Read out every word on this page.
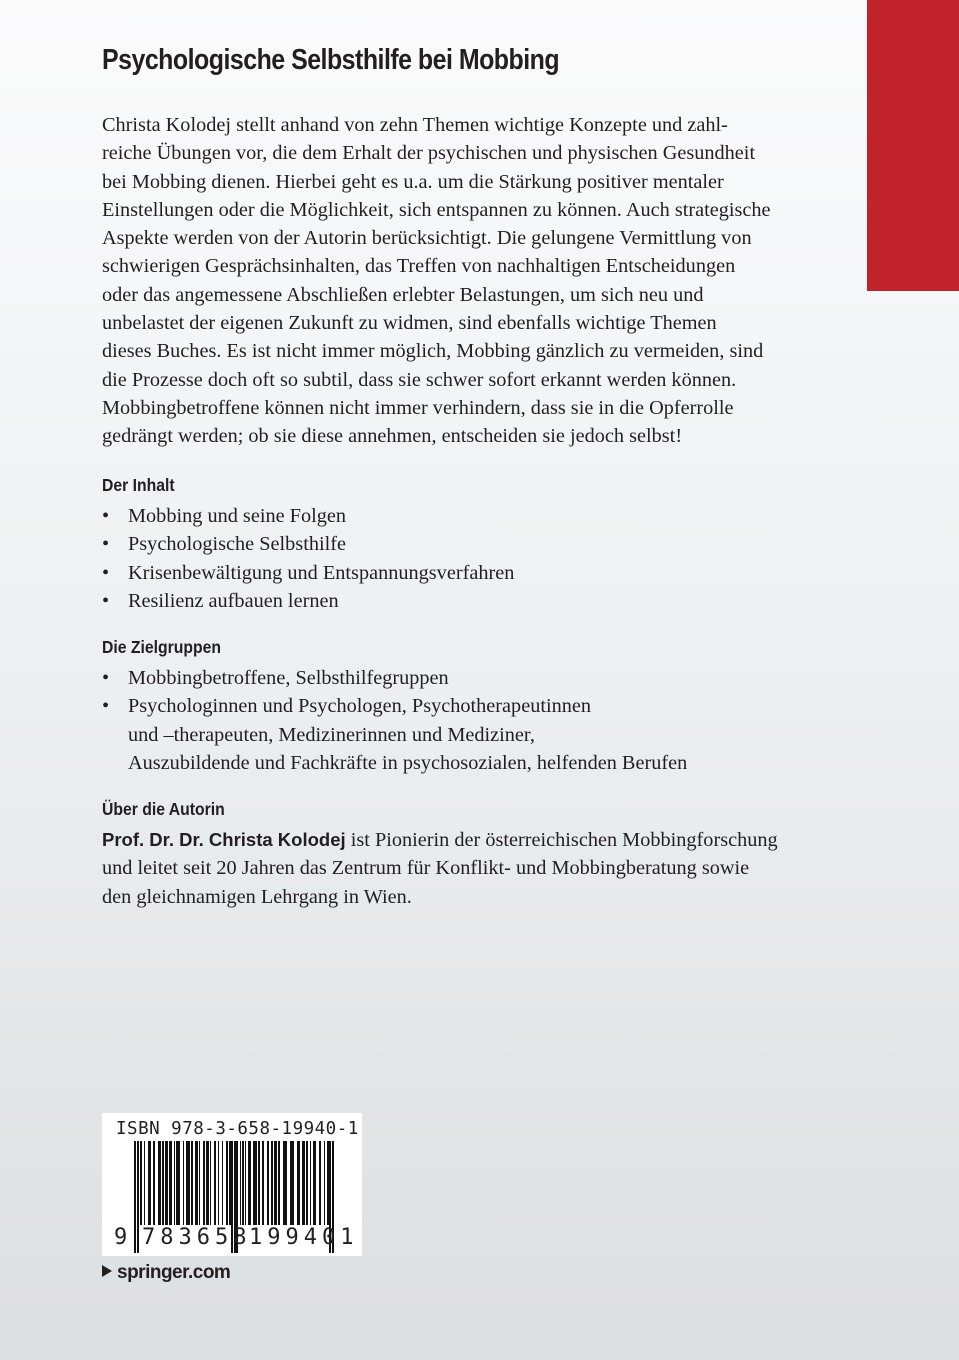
Psychologische Selbsthilfe bei Mobbing
Christa Kolodej stellt anhand von zehn Themen wichtige Konzepte und zahl-
reiche Übungen vor, die dem Erhalt der psychischen und physischen Gesundheit
bei Mobbing dienen. Hierbei geht es u.a. um die Stärkung positiver mentaler
Einstellungen oder die Möglichkeit, sich entspannen zu können. Auch strategische
Aspekte werden von der Autorin berücksichtigt. Die gelungene Vermittlung von
schwierigen Gesprächsinhalten, das Treffen von nachhaltigen Entscheidungen
oder das angemessene Abschließen erlebter Belastungen, um sich neu und
unbelastet der eigenen Zukunft zu widmen, sind ebenfalls wichtige Themen
dieses Buches. Es ist nicht immer möglich, Mobbing gänzlich zu vermeiden, sind
die Prozesse doch oft so subtil, dass sie schwer sofort erkannt werden können.
Mobbingbetroffene können nicht immer verhindern, dass sie in die Opferrolle
gedrängt werden; ob sie diese annehmen, entscheiden sie jedoch selbst!
Der Inhalt
• Mobbing und seine Folgen
• Psychologische Selbsthilfe
• Krisenbewältigung und Entspannungsverfahren
• Resilienz aufbauen lernen
Die Zielgruppen
• Mobbingbetroffene, Selbsthilfegruppen
• Psychologinnen und Psychologen, Psychotherapeutinnen
und –therapeuten, Medizinerinnen und Mediziner,
Auszubildende und Fachkräfte in psychosozialen, helfenden Berufen
Über die Autorin
Prof. Dr. Dr. Christa Kolodej ist Pionierin der österreichischen Mobbingforschung
und leitet seit 20 Jahren das Zentrum für Konflikt- und Mobbingberatung sowie
den gleichnamigen Lehrgang in Wien.
ISBN 978-3-658-19940-1
9 783658
199401
springer.com
